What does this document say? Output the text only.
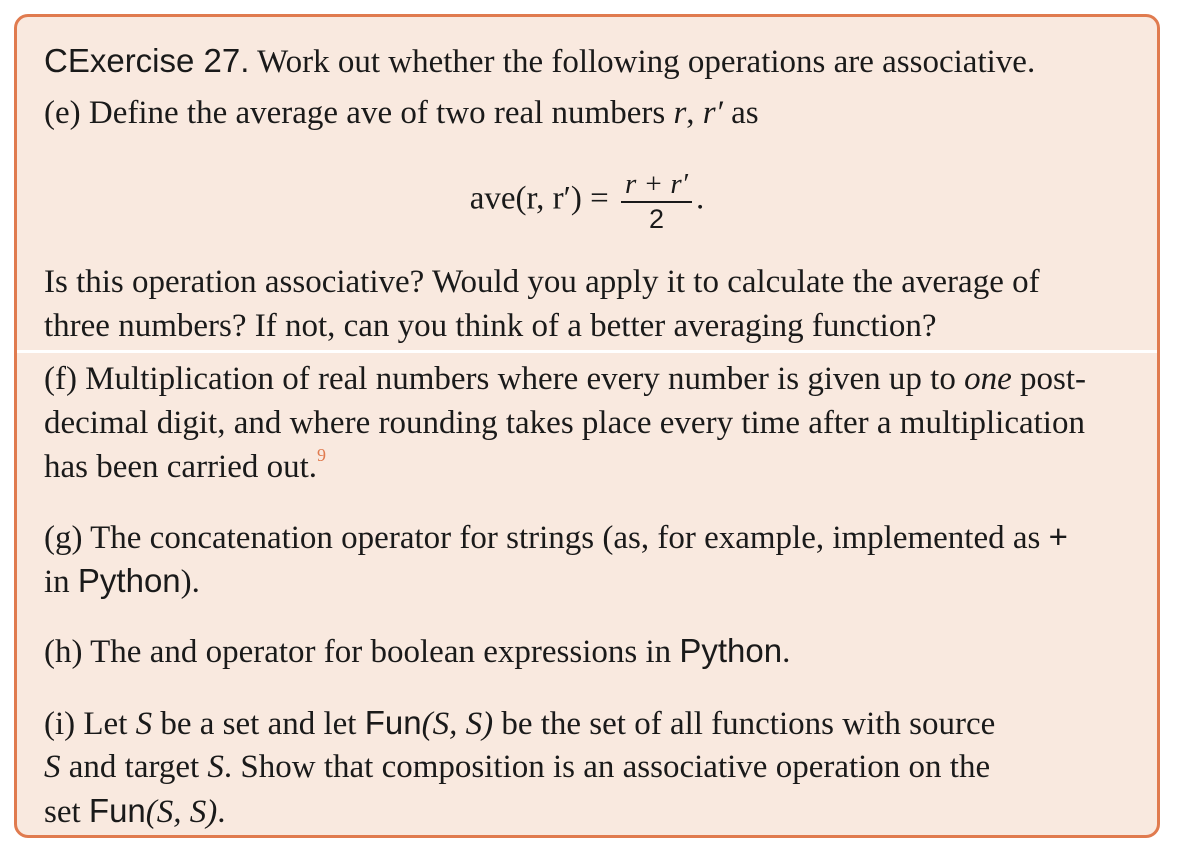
CExercise 27. Work out whether the following operations are associative.
(e) Define the average ave of two real numbers r, r′ as
ave(r, $r') = \frac{r + r'}{2}$ .
Is this operation associative? Would you apply it to calculate the average of
three numbers? If not, can you think of a better averaging function?
(f) Multiplication of real numbers where every number is given up to one post-
decimal digit, and where rounding takes place every time after a multiplication
has been carried out.$^9$
(g) The concatenation operator for strings (as, for example, implemented as +
in Python).
(h) The and operator for boolean expressions in Python.
(i) Let S be a set and let Fun(S, S) be the set of all functions with source
S and target S. Show that composition is an associative operation on the
set Fun(S, S).
